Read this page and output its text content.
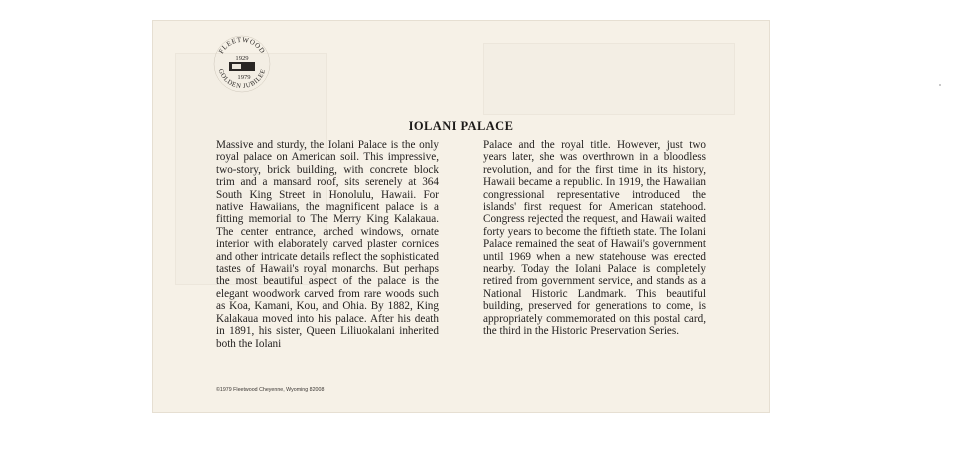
FLEETWOOD
GOLDEN JUBILEE
1929
1979
IOLANI PALACE

Massive and sturdy, the Iolani Palace is the only royal palace on American soil. This impressive, two-story, brick building, with concrete block trim and a mansard roof, sits serenely at 364 South King Street in Honolulu, Hawaii. For native Hawaiians, the magnificent palace is a fitting memorial to The Merry King Kalakaua. The center entrance, arched windows, ornate interior with elaborately carved plaster cornices and other intricate details reflect the sophisticated tastes of Hawaii's royal monarchs. But perhaps the most beautiful aspect of the palace is the elegant woodwork carved from rare woods such as Koa, Kamani, Kou, and Ohia. By 1882, King Kalakaua moved into his palace. After his death in 1891, his sister, Queen Liliuokalani inherited both the Iolani

Palace and the royal title. However, just two years later, she was overthrown in a bloodless revolution, and for the first time in its history, Hawaii became a republic. In 1919, the Hawaiian congressional representative introduced the islands' first request for American statehood. Congress rejected the request, and Hawaii waited forty years to become the fiftieth state. The Iolani Palace remained the seat of Hawaii's government until 1969 when a new statehouse was erected nearby. Today the Iolani Palace is completely retired from government service, and stands as a National Historic Landmark. This beautiful building, preserved for generations to come, is appropriately commemorated on this postal card, the third in the Historic Preservation Series.

©1979 Fleetwood Cheyenne, Wyoming 82008
